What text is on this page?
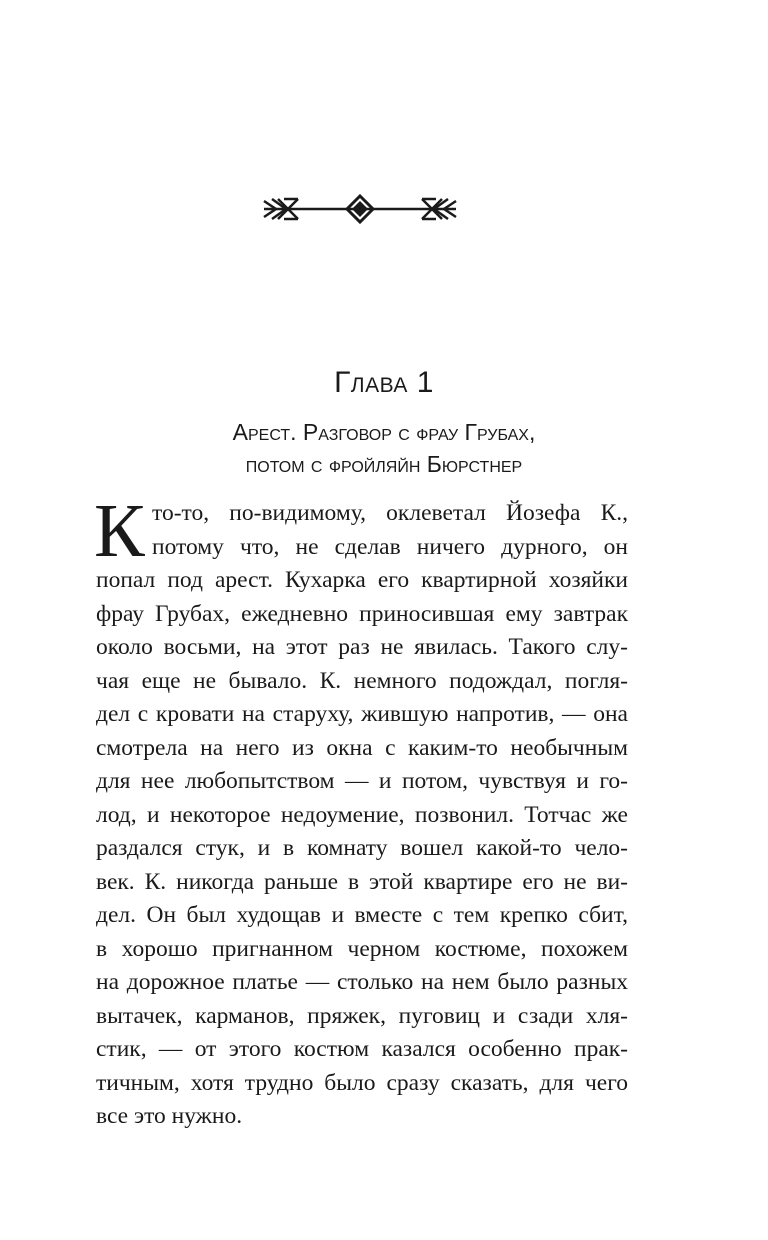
Глава 1
Арест. Разговор с фрау Грубах,
потом с фройляйн Бюрстнер
К то-то, по-видимому, оклеветал Йозефа К.,
потому что, не сделав ничего дурного, он
попал под арест. Кухарка его квартирной хозяйки
фрау Грубах, ежедневно приносившая ему завтрак
около восьми, на этот раз не явилась. Такого слу-
чая еще не бывало. К. немного подождал, погля-
дел с кровати на старуху, жившую напротив, — она
смотрела на него из окна с каким-то необычным
для нее любопытством — и потом, чувствуя и го-
лод, и некоторое недоумение, позвонил. Тотчас же
раздался стук, и в комнату вошел какой-то чело-
век. К. никогда раньше в этой квартире его не ви-
дел. Он был худощав и вместе с тем крепко сбит,
в хорошо пригнанном черном костюме, похожем
на дорожное платье — столько на нем было разных
вытачек, карманов, пряжек, пуговиц и сзади хля-
стик, — от этого костюм казался особенно прак-
тичным, хотя трудно было сразу сказать, для чего
все это нужно.
